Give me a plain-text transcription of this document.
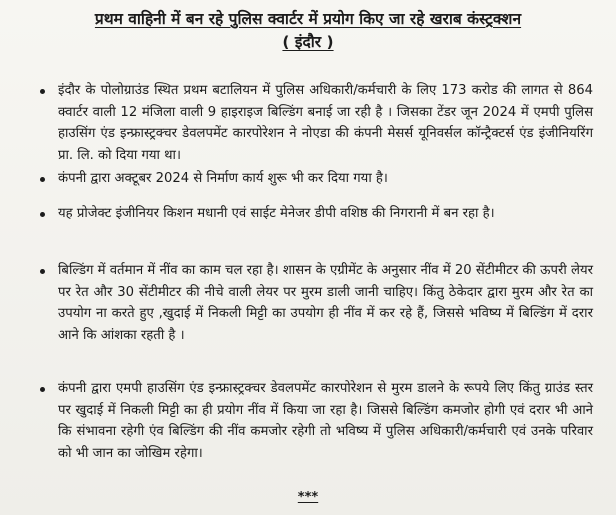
प्रथम वाहिनी में बन रहे पुलिस क्वार्टर में प्रयोग किए जा रहे खराब कंस्ट्रक्शन
( इंदौर )

इंदौर के पोलोग्राउंड स्थित प्रथम बटालियन में पुलिस अधिकारी/कर्मचारी के लिए 173 करोड की लागत से 864 क्वार्टर वाली 12 मंजिला वाली 9 हाइराइज बिल्डिंग बनाई जा रही है । जिसका टेंडर जून 2024 में एमपी पुलिस हाउसिंग एंड इन्फ्रास्ट्रक्चर डेवलपमेंट कारपोरेशन ने नोएडा की कंपनी मेसर्स यूनिवर्सल कॉन्ट्रैक्टर्स एंड इंजीनियरिंग प्रा. लि. को दिया गया था।

कंपनी द्वारा अक्टूबर 2024 से निर्माण कार्य शुरू भी कर दिया गया है।

यह प्रोजेक्ट इंजीनियर किशन मधानी एवं साईट मेनेजर डीपी वशिष्ठ की निगरानी में बन रहा है।

बिल्डिंग में वर्तमान में नींव का काम चल रहा है। शासन के एग्रीमेंट के अनुसार नींव में 20 सेंटीमीटर की ऊपरी लेयर पर रेत और 30 सेंटीमीटर की नीचे वाली लेयर पर मुरम डाली जानी चाहिए। किंतु ठेकेदार द्वारा मुरम और रेत का उपयोग ना करते हुए ,खुदाई में निकली मिट्टी का उपयोग ही नींव में कर रहे हैं, जिससे भविष्य में बिल्डिंग में दरार आने कि आंशका रहती है ।

कंपनी द्वारा एमपी हाउसिंग एंड इन्फ्रास्ट्रक्चर डेवलपमेंट कारपोरेशन से मुरम डालने के रूपये लिए किंतु ग्राउंड स्तर पर खुदाई में निकली मिट्टी का ही प्रयोग नींव में किया जा रहा है। जिससे बिल्डिंग कमजोर होगी एवं दरार भी आने कि संभावना रहेगी एंव बिल्डिंग की नींव कमजोर रहेगी तो भविष्य में पुलिस अधिकारी/कर्मचारी एवं उनके परिवार को भी जान का जोखिम रहेगा।

***
